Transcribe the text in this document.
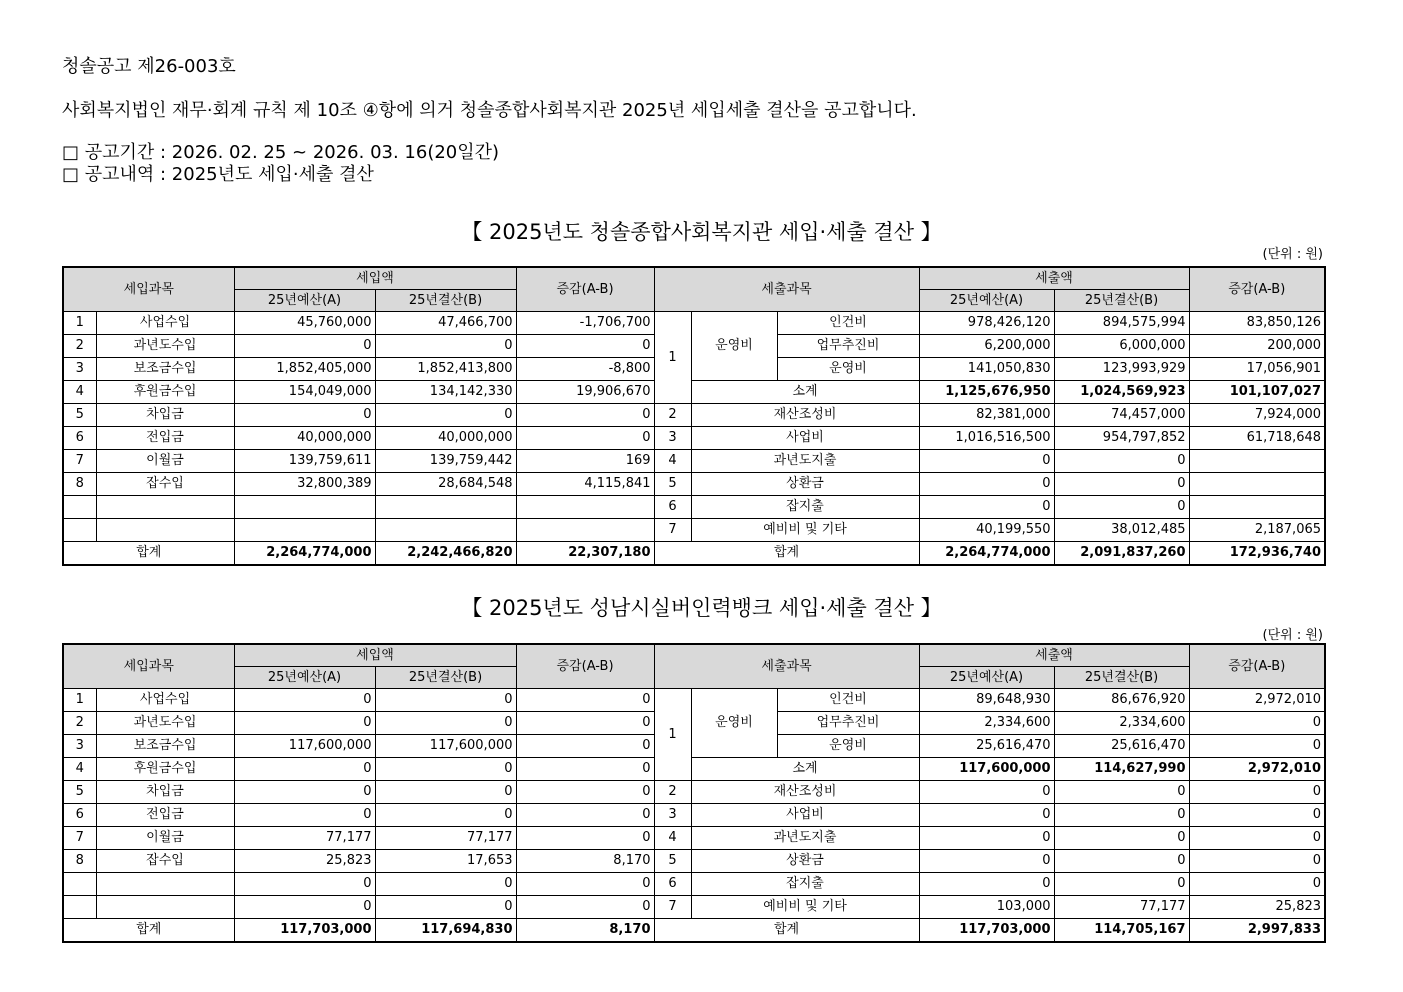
청솔공고 제26-003호
사회복지법인 재무·회계 규칙 제 10조 ④항에 의거 청솔종합사회복지관 2025년 세입세출 결산을 공고합니다.
□ 공고기간 : 2026. 02. 25 ~ 2026. 03. 16(20일간)
□ 공고내역 : 2025년도 세입·세출 결산
【 2025년도 청솔종합사회복지관 세입·세출 결산 】
(단위 : 원)
세입과목		세입액		증감(A-B)	세출과목			세출액		증감(A-B)
		25년예산(A)	25년결산(B)					25년예산(A)	25년결산(B)	
1	사업수입	45,760,000	47,466,700	-1,706,700	1	운영비	인건비	978,426,120	894,575,994	83,850,126
2	과년도수입	0	0	0			업무추진비	6,200,000	6,000,000	200,000
3	보조금수입	1,852,405,000	1,852,413,800	-8,800			운영비	141,050,830	123,993,929	17,056,901
4	후원금수입	154,049,000	134,142,330	19,906,670		소계		1,125,676,950	1,024,569,923	101,107,027
5	차입금	0	0	0	2	재산조성비		82,381,000	74,457,000	7,924,000
6	전입금	40,000,000	40,000,000	0	3	사업비		1,016,516,500	954,797,852	61,718,648
7	이월금	139,759,611	139,759,442	169	4	과년도지출		0	0	
8	잡수입	32,800,389	28,684,548	4,115,841	5	상환금		0	0	
					6	잡지출		0	0	
					7	예비비 및 기타		40,199,550	38,012,485	2,187,065
합계		2,264,774,000	2,242,466,820	22,307,180	합계			2,264,774,000	2,091,837,260	172,936,740
【 2025년도 성남시실버인력뱅크 세입·세출 결산 】
(단위 : 원)
세입과목		세입액		증감(A-B)	세출과목			세출액		증감(A-B)
		25년예산(A)	25년결산(B)					25년예산(A)	25년결산(B)	
1	사업수입	0	0	0	1	운영비	인건비	89,648,930	86,676,920	2,972,010
2	과년도수입	0	0	0			업무추진비	2,334,600	2,334,600	0
3	보조금수입	117,600,000	117,600,000	0			운영비	25,616,470	25,616,470	0
4	후원금수입	0	0	0		소계		117,600,000	114,627,990	2,972,010
5	차입금	0	0	0	2	재산조성비		0	0	0
6	전입금	0	0	0	3	사업비		0	0	0
7	이월금	77,177	77,177	0	4	과년도지출		0	0	0
8	잡수입	25,823	17,653	8,170	5	상환금		0	0	0
		0	0	0	6	잡지출		0	0	0
		0	0	0	7	예비비 및 기타		103,000	77,177	25,823
합계		117,703,000	117,694,830	8,170	합계			117,703,000	114,705,167	2,997,833
